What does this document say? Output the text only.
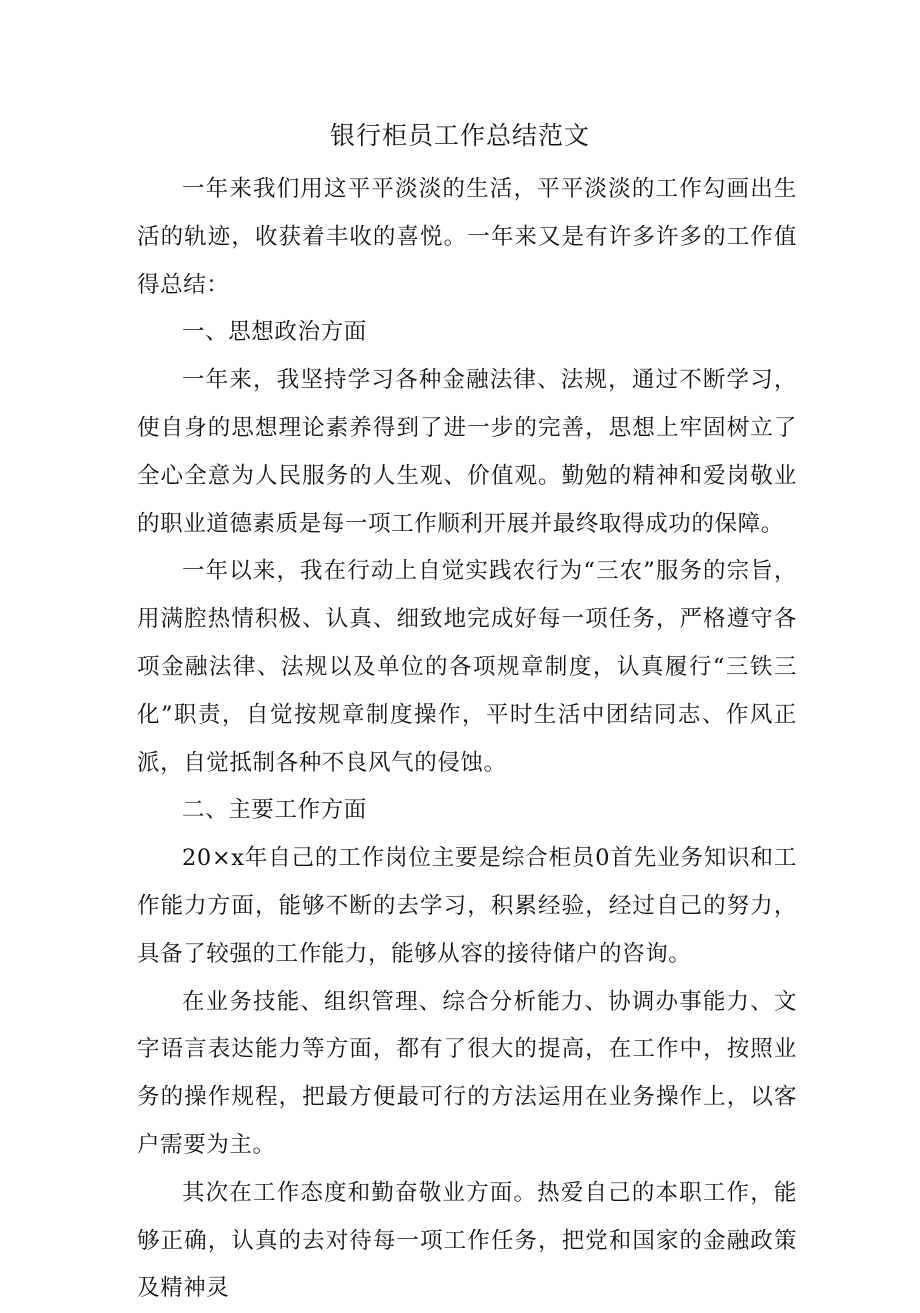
银行柜员工作总结范文

一年来我们用这平平淡淡的生活，平平淡淡的工作勾画出生活的轨迹，收获着丰收的喜悦。一年来又是有许多许多的工作值得总结：

一、思想政治方面

一年来，我坚持学习各种金融法律、法规，通过不断学习，使自身的思想理论素养得到了进一步的完善，思想上牢固树立了全心全意为人民服务的人生观、价值观。勤勉的精神和爱岗敬业的职业道德素质是每一项工作顺利开展并最终取得成功的保障。

一年以来，我在行动上自觉实践农行为“三农”服务的宗旨，用满腔热情积极、认真、细致地完成好每一项任务，严格遵守各项金融法律、法规以及单位的各项规章制度，认真履行“三铁三化”职责，自觉按规章制度操作，平时生活中团结同志、作风正派，自觉抵制各种不良风气的侵蚀。

二、主要工作方面

20×x年自己的工作岗位主要是综合柜员0首先业务知识和工作能力方面，能够不断的去学习，积累经验，经过自己的努力，具备了较强的工作能力，能够从容的接待储户的咨询。

在业务技能、组织管理、综合分析能力、协调办事能力、文字语言表达能力等方面，都有了很大的提高，在工作中，按照业务的操作规程，把最方便最可行的方法运用在业务操作上，以客户需要为主。

其次在工作态度和勤奋敬业方面。热爱自己的本职工作，能够正确，认真的去对待每一项工作任务，把党和国家的金融政策及精神灵
